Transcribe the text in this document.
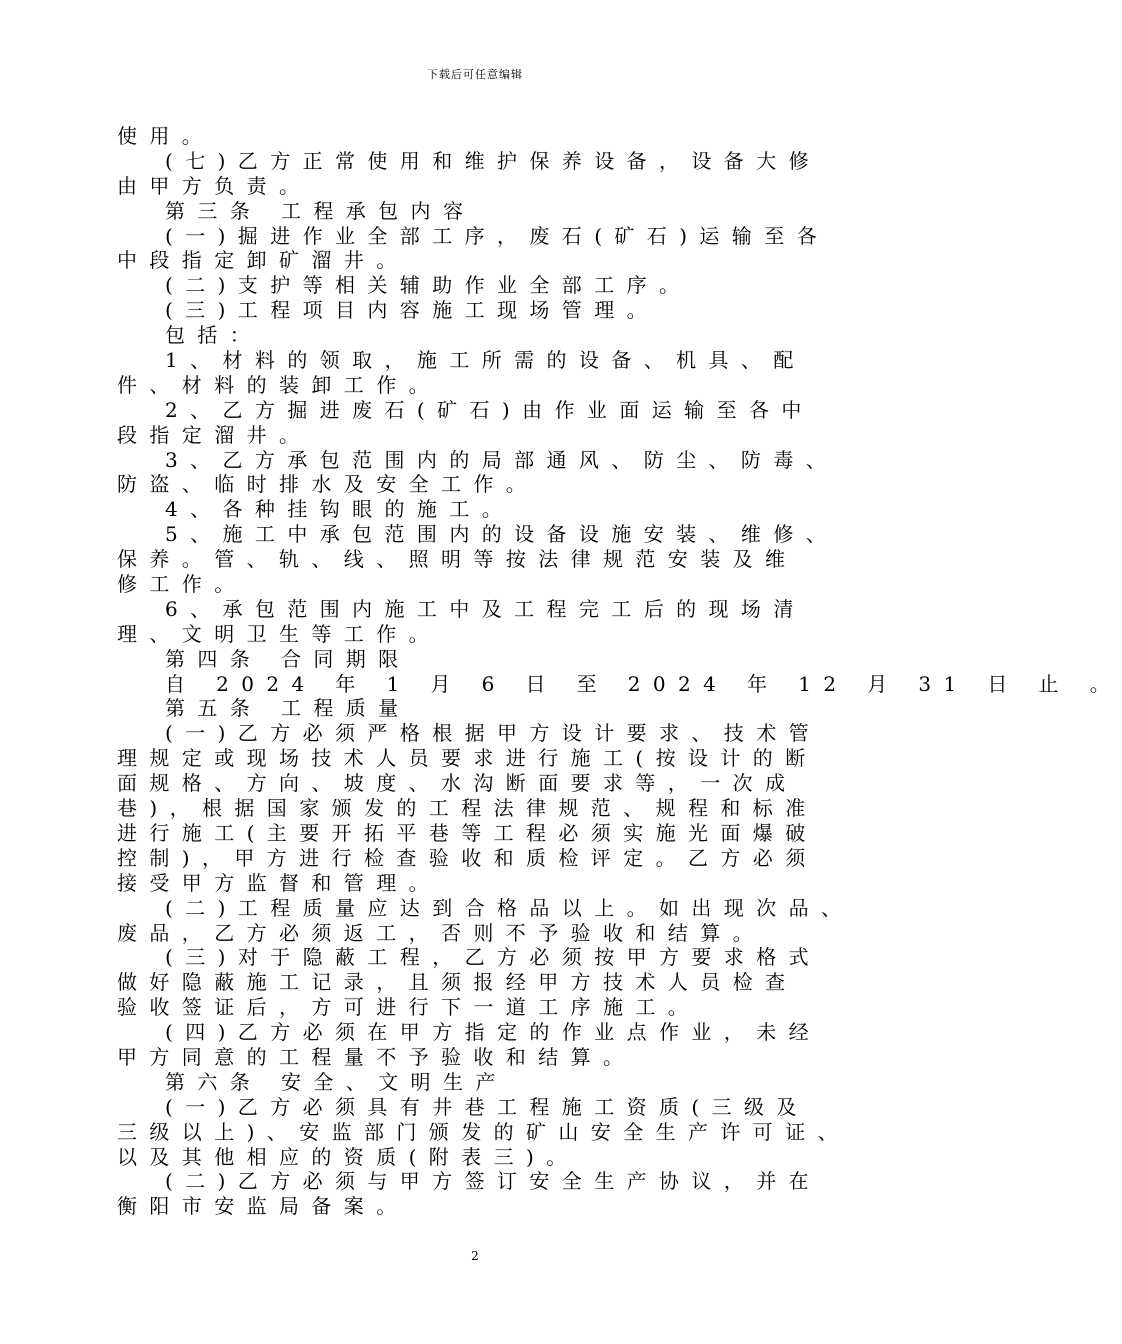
下载后可任意编辑
使用。
(七)乙方正常使用和维护保养设备，设备大修
由甲方负责。
第三条 工程承包内容
(一)掘进作业全部工序，废石(矿石)运输至各
中段指定卸矿溜井。
(二)支护等相关辅助作业全部工序。
(三)工程项目内容施工现场管理。
包括：
1、材料的领取，施工所需的设备、机具、配
件、材料的装卸工作。
2、乙方掘进废石(矿石)由作业面运输至各中
段指定溜井。
3、乙方承包范围内的局部通风、防尘、防毒、
防盗、临时排水及安全工作。
4、各种挂钩眼的施工。
5、施工中承包范围内的设备设施安装、维修、
保养。管、轨、线、照明等按法律规范安装及维
修工作。
6、承包范围内施工中及工程完工后的现场清
理、文明卫生等工作。
第四条 合同期限
自 2024 年 1 月 6 日 至 2024 年 12 月 31 日 止 。
第五条 工程质量
(一)乙方必须严格根据甲方设计要求、技术管
理规定或现场技术人员要求进行施工(按设计的断
面规格、方向、坡度、水沟断面要求等，一次成
巷)，根据国家颁发的工程法律规范、规程和标准
进行施工(主要开拓平巷等工程必须实施光面爆破
控制)，甲方进行检查验收和质检评定。乙方必须
接受甲方监督和管理。
(二)工程质量应达到合格品以上。如出现次品、
废品，乙方必须返工，否则不予验收和结算。
(三)对于隐蔽工程，乙方必须按甲方要求格式
做好隐蔽施工记录，且须报经甲方技术人员检查
验收签证后，方可进行下一道工序施工。
(四)乙方必须在甲方指定的作业点作业，未经
甲方同意的工程量不予验收和结算。
第六条 安全、文明生产
(一)乙方必须具有井巷工程施工资质(三级及
三级以上)、安监部门颁发的矿山安全生产许可证、
以及其他相应的资质(附表三)。
(二)乙方必须与甲方签订安全生产协议，并在
衡阳市安监局备案。
2
